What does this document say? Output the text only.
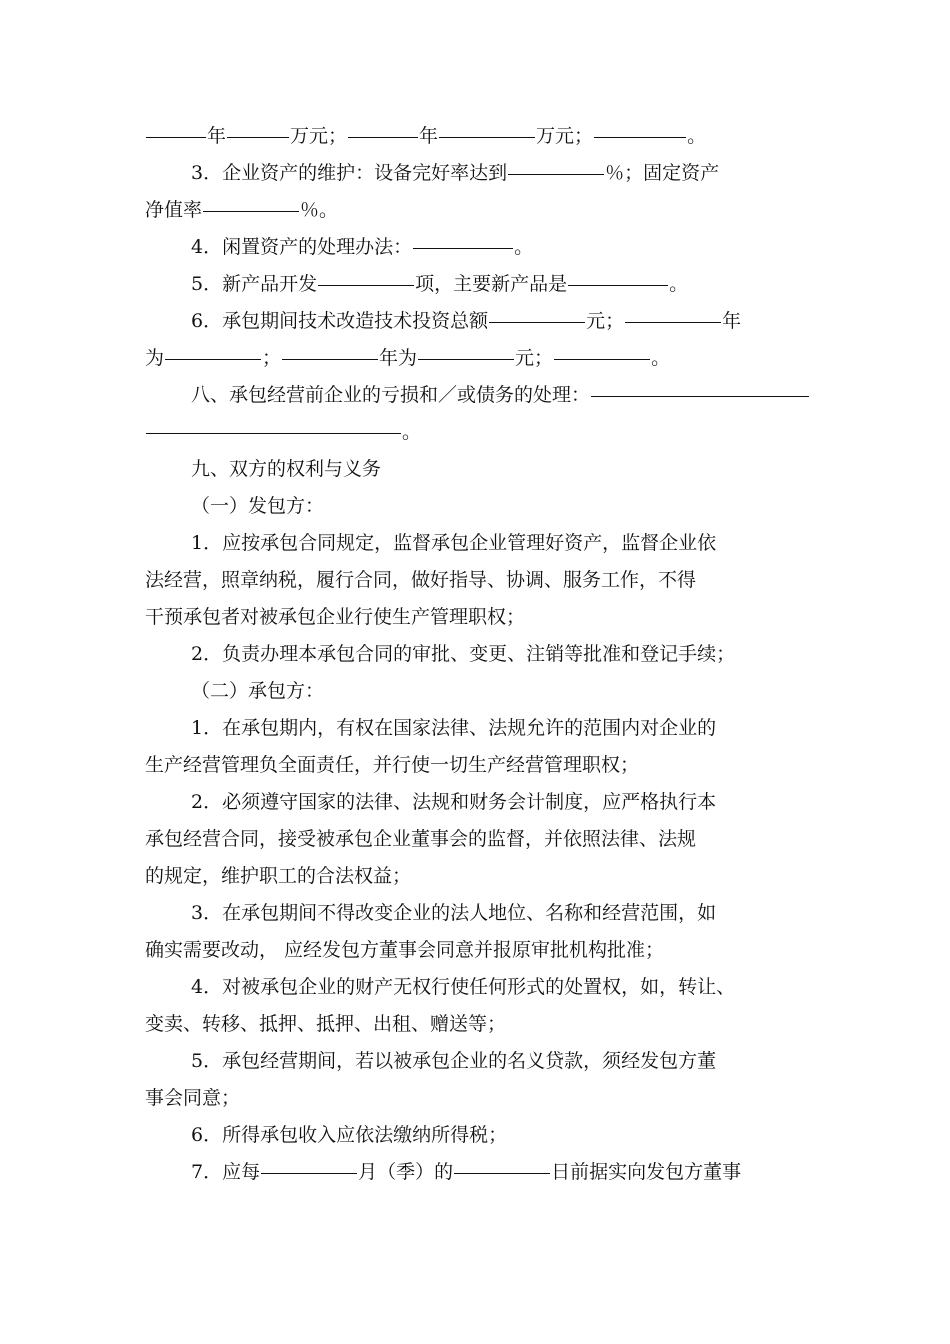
年	万元；	年	万元；	。
3．企业资产的维护：设备完好率达到	％；固定资产
净值率	％。
4．闲置资产的处理办法：	。
5．新产品开发	项，主要新产品是	。
6．承包期间技术改造技术投资总额	元；	年
为	；	年为	元；	。
八、承包经营前企业的亏损和／或债务的处理：
。
九、双方的权利与义务
（一）发包方：
1．应按承包合同规定，监督承包企业管理好资产，监督企业依
法经营，照章纳税，履行合同，做好指导、协调、服务工作，不得
干预承包者对被承包企业行使生产管理职权；
2．负责办理本承包合同的审批、变更、注销等批准和登记手续；
（二）承包方：
1．在承包期内，有权在国家法律、法规允许的范围内对企业的
生产经营管理负全面责任，并行使一切生产经营管理职权；
2．必须遵守国家的法律、法规和财务会计制度，应严格执行本
承包经营合同，接受被承包企业董事会的监督，并依照法律、法规
的规定，维护职工的合法权益；
3．在承包期间不得改变企业的法人地位、名称和经营范围，如
确实需要改动， 应经发包方董事会同意并报原审批机构批准；
4．对被承包企业的财产无权行使任何形式的处置权，如，转让、
变卖、转移、抵押、抵押、出租、赠送等；
5．承包经营期间，若以被承包企业的名义贷款，须经发包方董
事会同意；
6．所得承包收入应依法缴纳所得税；
7．应每	月（季）的	日前据实向发包方董事
